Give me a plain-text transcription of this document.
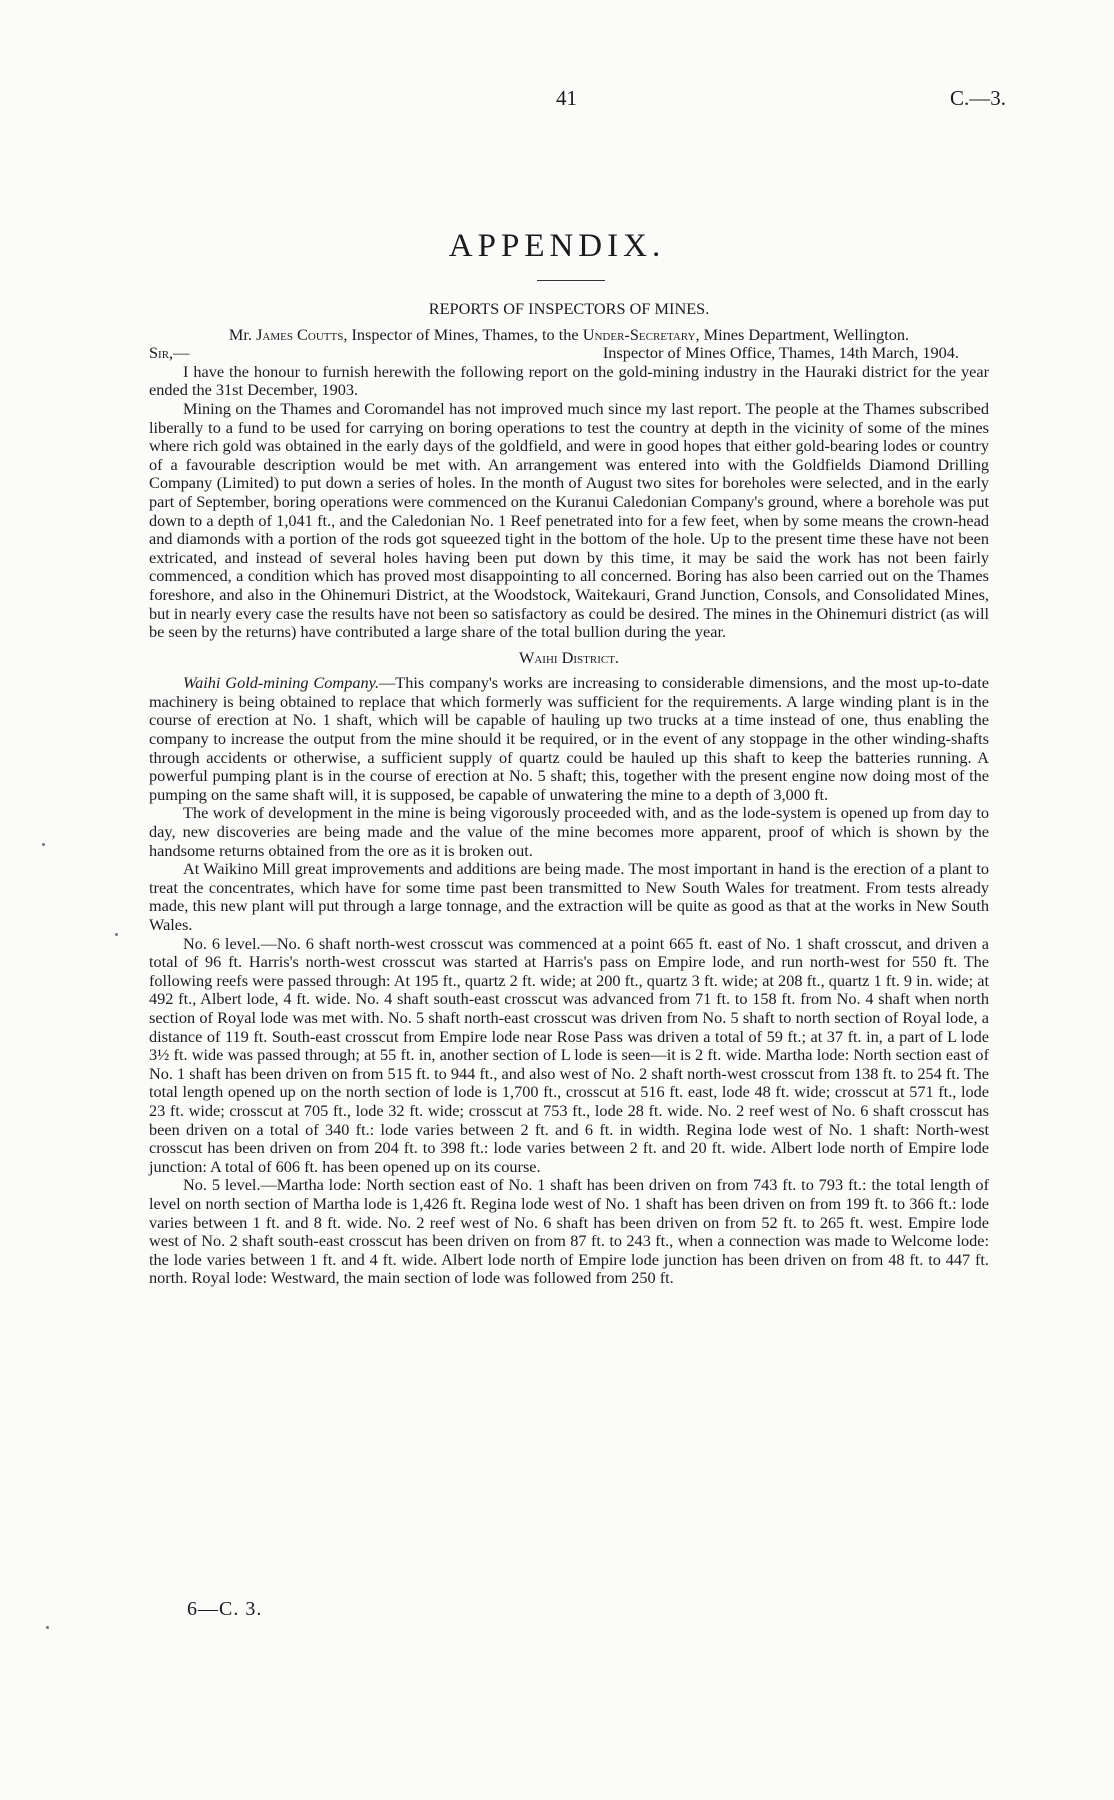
41	C.—3.
APPENDIX.

REPORTS OF INSPECTORS OF MINES.

Mr. James Coutts, Inspector of Mines, Thames, to the Under-Secretary, Mines Department, Wellington.

Sir,—	Inspector of Mines Office, Thames, 14th March, 1904.

I have the honour to furnish herewith the following report on the gold-mining industry in the Hauraki district for the year ended the 31st December, 1903.

Mining on the Thames and Coromandel has not improved much since my last report. The people at the Thames subscribed liberally to a fund to be used for carrying on boring operations to test the country at depth in the vicinity of some of the mines where rich gold was obtained in the early days of the goldfield, and were in good hopes that either gold-bearing lodes or country of a favourable description would be met with. An arrangement was entered into with the Goldfields Diamond Drilling Company (Limited) to put down a series of holes. In the month of August two sites for boreholes were selected, and in the early part of September, boring operations were commenced on the Kuranui Caledonian Company's ground, where a borehole was put down to a depth of 1,041 ft., and the Caledonian No. 1 Reef penetrated into for a few feet, when by some means the crown-head and diamonds with a portion of the rods got squeezed tight in the bottom of the hole. Up to the present time these have not been extricated, and instead of several holes having been put down by this time, it may be said the work has not been fairly commenced, a condition which has proved most disappointing to all concerned. Boring has also been carried out on the Thames foreshore, and also in the Ohinemuri District, at the Woodstock, Waitekauri, Grand Junction, Consols, and Consolidated Mines, but in nearly every case the results have not been so satisfactory as could be desired. The mines in the Ohinemuri district (as will be seen by the returns) have contributed a large share of the total bullion during the year.

Waihi District.

Waihi Gold-mining Company.—This company's works are increasing to considerable dimensions, and the most up-to-date machinery is being obtained to replace that which formerly was sufficient for the requirements. A large winding plant is in the course of erection at No. 1 shaft, which will be capable of hauling up two trucks at a time instead of one, thus enabling the company to increase the output from the mine should it be required, or in the event of any stoppage in the other winding-shafts through accidents or otherwise, a sufficient supply of quartz could be hauled up this shaft to keep the batteries running. A powerful pumping plant is in the course of erection at No. 5 shaft; this, together with the present engine now doing most of the pumping on the same shaft will, it is supposed, be capable of unwatering the mine to a depth of 3,000 ft.

The work of development in the mine is being vigorously proceeded with, and as the lode-system is opened up from day to day, new discoveries are being made and the value of the mine becomes more apparent, proof of which is shown by the handsome returns obtained from the ore as it is broken out.

At Waikino Mill great improvements and additions are being made. The most important in hand is the erection of a plant to treat the concentrates, which have for some time past been transmitted to New South Wales for treatment. From tests already made, this new plant will put through a large tonnage, and the extraction will be quite as good as that at the works in New South Wales.

No. 6 level.—No. 6 shaft north-west crosscut was commenced at a point 665 ft. east of No. 1 shaft crosscut, and driven a total of 96 ft. Harris's north-west crosscut was started at Harris's pass on Empire lode, and run north-west for 550 ft. The following reefs were passed through: At 195 ft., quartz 2 ft. wide; at 200 ft., quartz 3 ft. wide; at 208 ft., quartz 1 ft. 9 in. wide; at 492 ft., Albert lode, 4 ft. wide. No. 4 shaft south-east crosscut was advanced from 71 ft. to 158 ft. from No. 4 shaft when north section of Royal lode was met with. No. 5 shaft north-east crosscut was driven from No. 5 shaft to north section of Royal lode, a distance of 119 ft. South-east crosscut from Empire lode near Rose Pass was driven a total of 59 ft.; at 37 ft. in, a part of L lode 3½ ft. wide was passed through; at 55 ft. in, another section of L lode is seen—it is 2 ft. wide. Martha lode: North section east of No. 1 shaft has been driven on from 515 ft. to 944 ft., and also west of No. 2 shaft north-west crosscut from 138 ft. to 254 ft. The total length opened up on the north section of lode is 1,700 ft., crosscut at 516 ft. east, lode 48 ft. wide; crosscut at 571 ft., lode 23 ft. wide; crosscut at 705 ft., lode 32 ft. wide; crosscut at 753 ft., lode 28 ft. wide. No. 2 reef west of No. 6 shaft crosscut has been driven on a total of 340 ft.: lode varies between 2 ft. and 6 ft. in width. Regina lode west of No. 1 shaft: North-west crosscut has been driven on from 204 ft. to 398 ft.: lode varies between 2 ft. and 20 ft. wide. Albert lode north of Empire lode junction: A total of 606 ft. has been opened up on its course.

No. 5 level.—Martha lode: North section east of No. 1 shaft has been driven on from 743 ft. to 793 ft.: the total length of level on north section of Martha lode is 1,426 ft. Regina lode west of No. 1 shaft has been driven on from 199 ft. to 366 ft.: lode varies between 1 ft. and 8 ft. wide. No. 2 reef west of No. 6 shaft has been driven on from 52 ft. to 265 ft. west. Empire lode west of No. 2 shaft south-east crosscut has been driven on from 87 ft. to 243 ft., when a connection was made to Welcome lode: the lode varies between 1 ft. and 4 ft. wide. Albert lode north of Empire lode junction has been driven on from 48 ft. to 447 ft. north. Royal lode: Westward, the main section of lode was followed from 250 ft.

6—C. 3.
